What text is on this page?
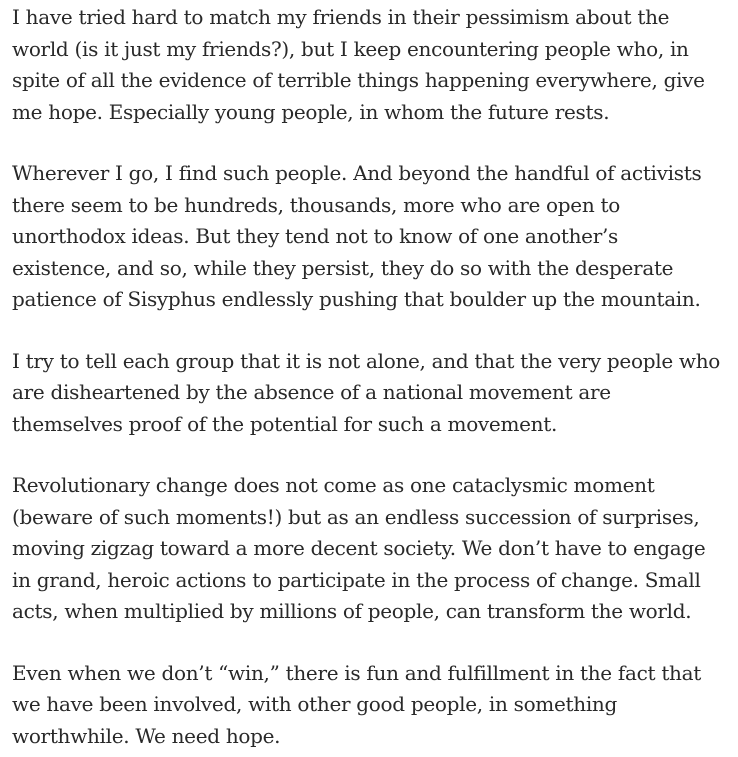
I have tried hard to match my friends in their pessimism about the
world (is it just my friends?), but I keep encountering people who, in
spite of all the evidence of terrible things happening everywhere, give
me hope. Especially young people, in whom the future rests.

Wherever I go, I find such people. And beyond the handful of activists
there seem to be hundreds, thousands, more who are open to
unorthodox ideas. But they tend not to know of one another’s
existence, and so, while they persist, they do so with the desperate
patience of Sisyphus endlessly pushing that boulder up the mountain.

I try to tell each group that it is not alone, and that the very people who
are disheartened by the absence of a national movement are
themselves proof of the potential for such a movement.

Revolutionary change does not come as one cataclysmic moment
(beware of such moments!) but as an endless succession of surprises,
moving zigzag toward a more decent society. We don’t have to engage
in grand, heroic actions to participate in the process of change. Small
acts, when multiplied by millions of people, can transform the world.

Even when we don’t “win,” there is fun and fulfillment in the fact that
we have been involved, with other good people, in something
worthwhile. We need hope.
